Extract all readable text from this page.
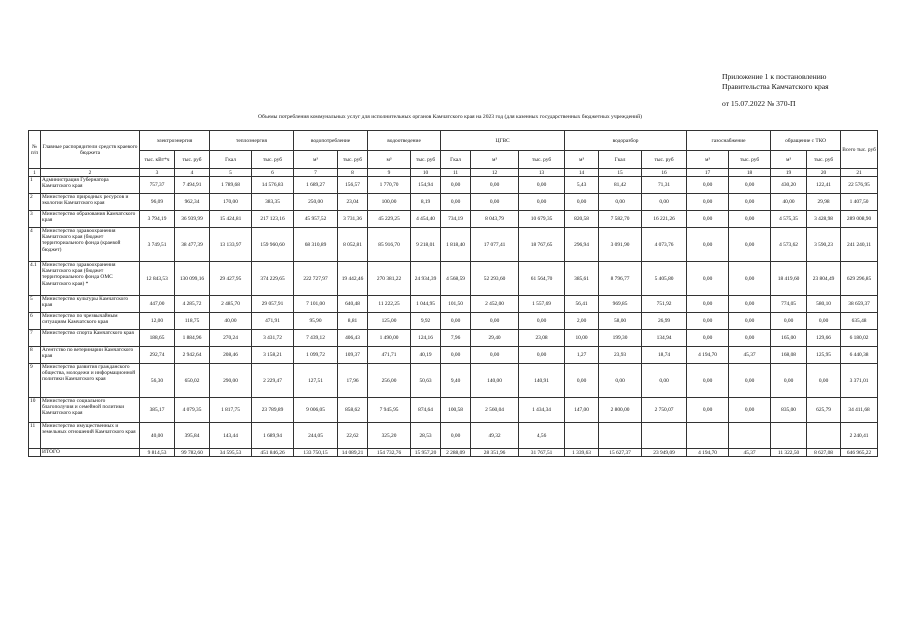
Приложение 1 к постановлению
Правительства Камчатского края
от 15.07.2022 № 370-П
Объемы потребления коммунальных услуг для исполнительных органов Камчатского края на 2023 год (для казенных государственных бюджетных учреждений)
№ п/п	Главные распорядители средств краевого бюджета	электроэнергия		теплоэнергия		водопотребление		водоотведение		ЦГВС			водоразбор			газоснабжение		обращение с ТКО		Всего тыс. руб
		тыс. кВт*ч	тыс. руб	Гкал	тыс. руб	м³	тыс. руб	м³	тыс. руб	Гкал	м³	тыс. руб	м³	Гкал	тыс. руб	м³	тыс. руб	м³	тыс. руб	
1	2	3	4	5	6	7	8	9	10	11	12	13	14	15	16	17	18	19	20	21
1	Администрация Губернатора Камчатского края	757,37	7 494,91	1 789,68	14 576,83	1 689,27	156,57	1 770,70	154,94	0,00	0,00	0,00	5,43	81,42	71,31	0,00	0,00	430,20	122,41	22 576,95
2	Министерство природных ресурсов и экологии Камчатского края	96,09	962,34	170,00	383,35	250,00	23,04	100,00	8,19	0,00	0,00	0,00	0,00	0,00	0,00	0,00	0,00	40,00	29,98	1 407,50
3	Министерство образования Камчатского края	3 794,19	36 939,99	15 424,81	217 123,16	45 957,52	3 731,36	45 229,25	4 454,40	734,19	8 043,79	10 679,35	820,58	7 582,70	16 221,26	0,00	0,00	4 575,35	3 428,98	289 008,90
4	Министерство здравоохранения Камчатского края (бюджет территориального фонда (краевой бюджет)	3 749,51	38 477,39	13 133,97	159 960,60	68 310,89	8 052,81	85 916,70	9 218,01	1 818,40	17 077,41	18 767,65	296,94	3 091,90	4 073,76	0,00	0,00	4 573,62	3 590,23	241 240,11
4.1	Министерство здравоохранения Камчатского края (бюджет территориального фонда ОМС Камчатского края) *	12 843,53	130 099,16	29 427,95	374 229,65	222 727,97	19 442,46	270 381,22	24 934,39	4 568,59	52 293,60	61 564,70	385,61	8 796,77	5 405,80	0,00	0,00	18 419,60	23 804,49	629 296,85
5	Министерство культуры Камчатского края	447,00	4 285,72	2 485,70	29 057,91	7 101,00	640,48	11 222,25	1 044,95	101,50	2 452,00	1 557,69	56,41	969,85	751,92	0,00	0,00	774,05	580,10	38 659,37
6	Министерство по чрезвычайным ситуациям Камчатского края	12,00	118,75	40,00	471,91	95,90	8,81	125,00	9,92	0,00	0,00	0,00	2,00	58,00	26,99	0,00	0,00	0,00	0,00	635,48
7	Министерство спорта Камчатского края	188,65	1 884,96	270,24	3 431,72	7 439,12	406,43	1 490,00	124,16	7,96	29,40	23,08	10,00	199,30	134,94	0,00	0,00	165,00	129,66	6 180,02
8	Агентство по ветеринарии Камчатского края	292,74	2 942,64	208,46	3 158,21	1 099,72	109,37	471,71	40,19	0,00	0,00	0,00	1,27	23,93	18,74	4 194,70	45,37	168,08	125,95	6 440,38
9	Министерство развития гражданского общества, молодежи и информационной политики Камчатского края	56,30	650,02	290,00	2 229,47	127,51	17,96	256,00	50,63	9,40	140,00	140,91	0,00	0,00	0,00	0,00	0,00	0,00	0,00	3 371,01
10	Министерство социального благополучия и семейной политики Камчатского края	385,17	4 079,35	1 817,75	23 789,89	9 006,05	858,62	7 945,95	874,64	100,58	2 560,04	1 434,34	147,00	2 800,00	2 750,07	0,00	0,00	835,00	625,79	34 411,68
11	Министерство имущественных и земельных отношений Камчатского края	40,00	395,84	143,44	1 689,94	244,05	22,62	325,20	28,53	0,00	49,32	4,56								2 240,41
	ИТОГО	9 814,53	99 782,60	34 595,53	451 846,26	133 750,15	14 089,21	154 732,76	15 957,20	2 288,09	28 351,96	31 767,51	1 339,63	15 627,37	23 949,09	4 194,70	45,37	11 322,50	8 627,08	646 965,22
